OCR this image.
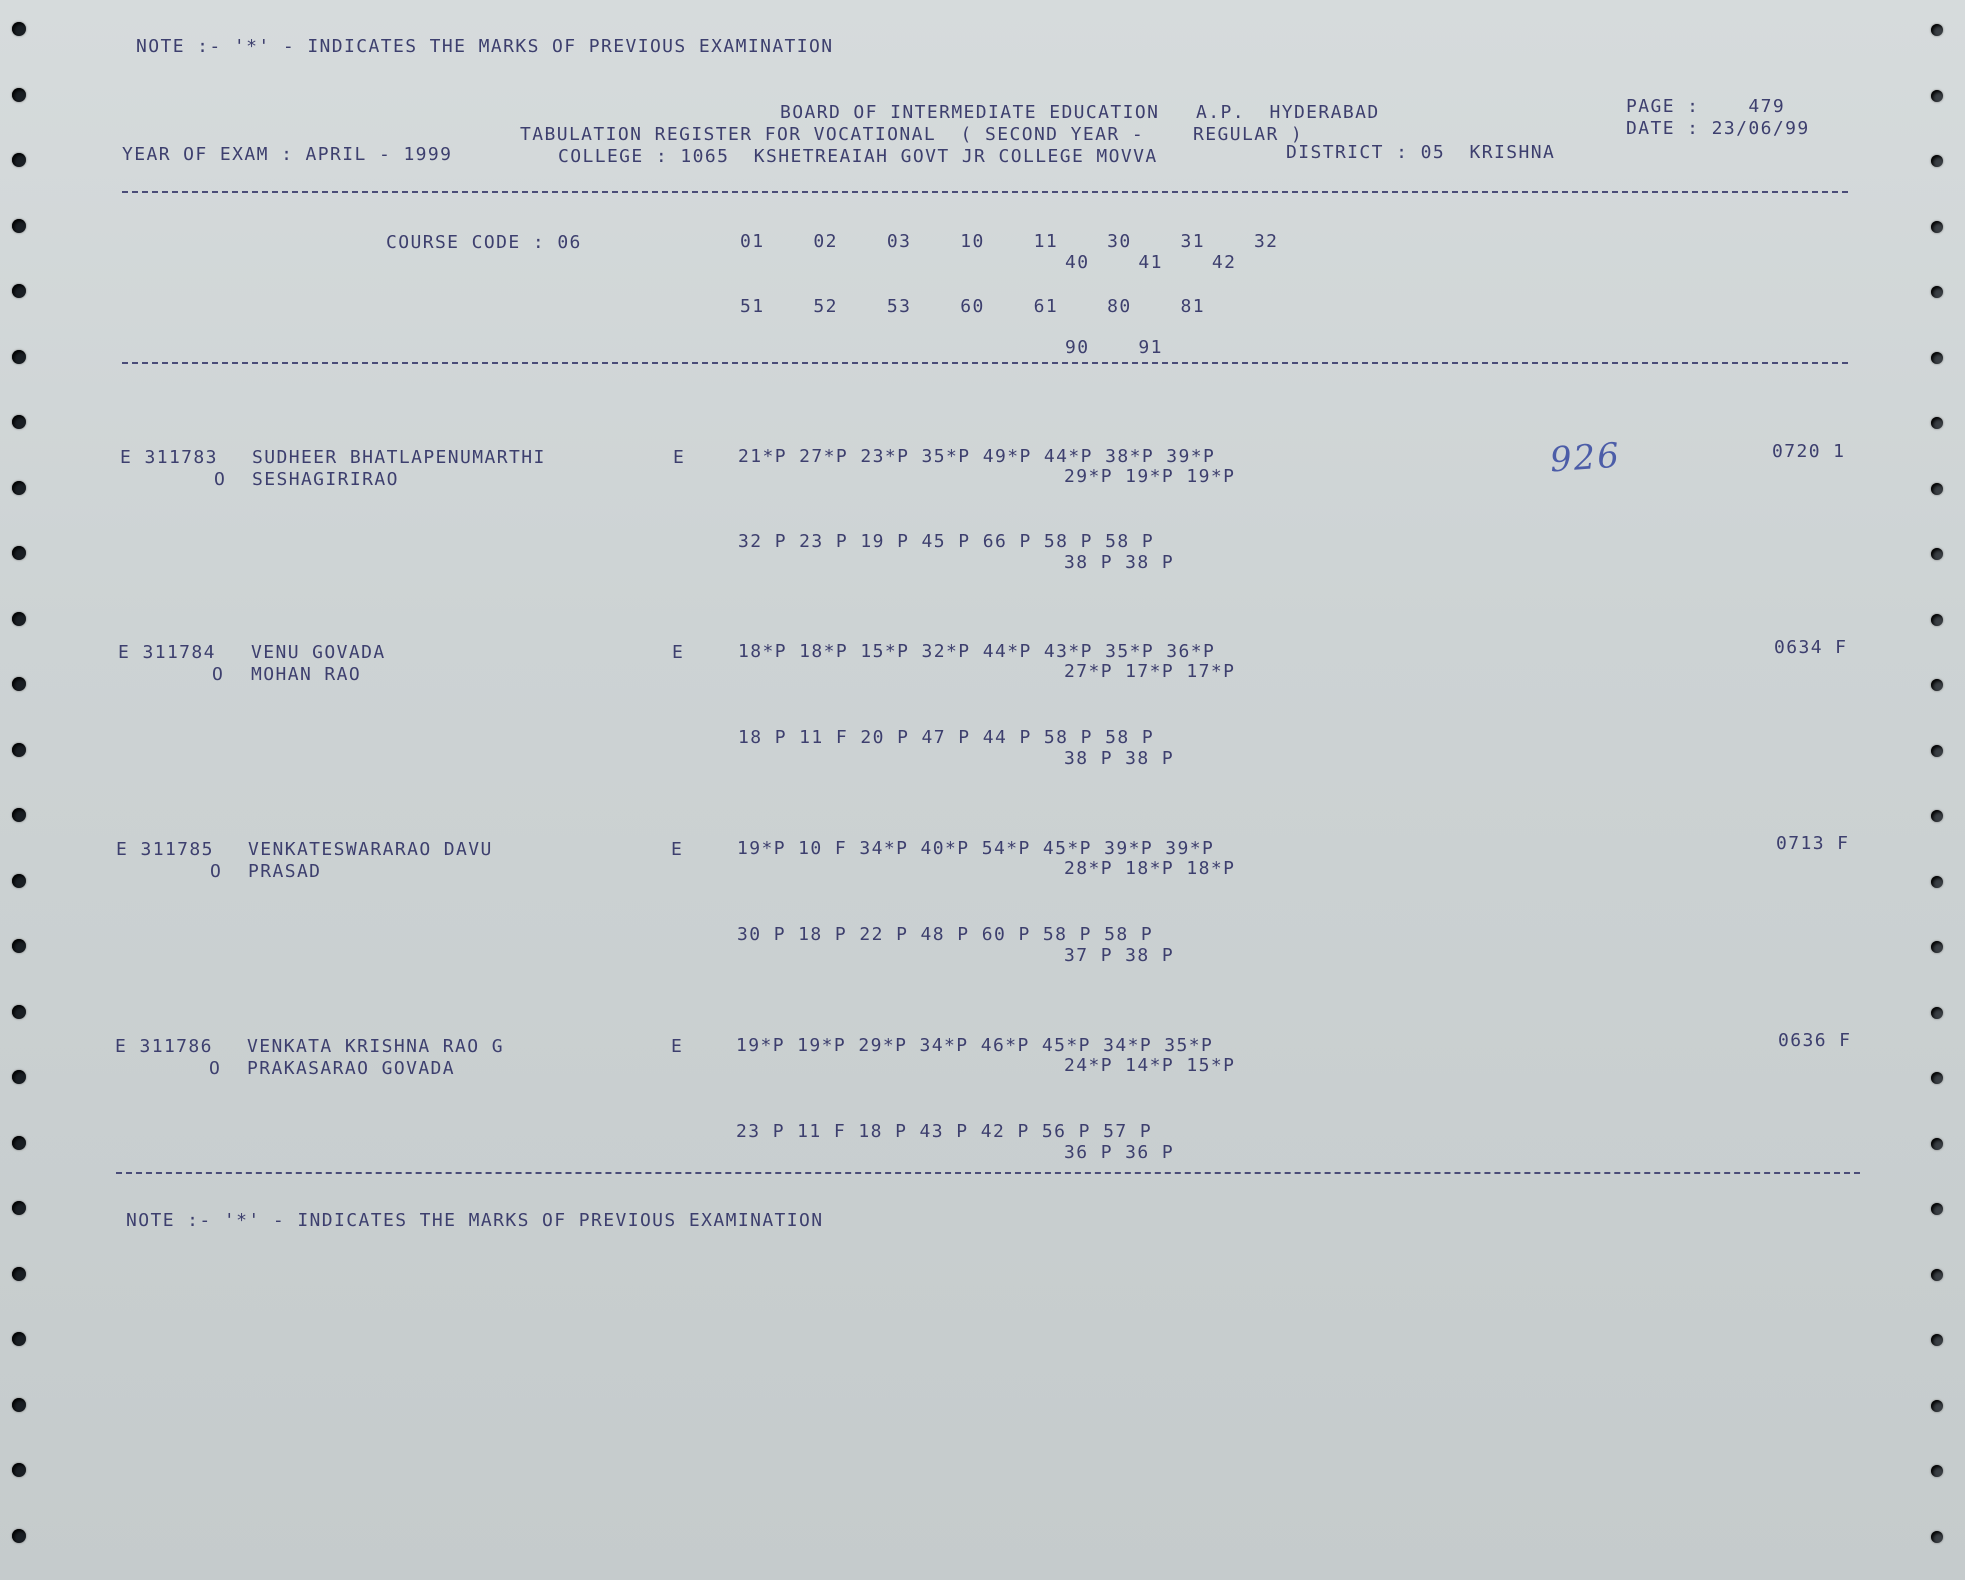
NOTE :- '*' - INDICATES THE MARKS OF PREVIOUS EXAMINATION
BOARD OF INTERMEDIATE EDUCATION   A.P.  HYDERABAD
TABULATION REGISTER FOR VOCATIONAL  ( SECOND YEAR -    REGULAR )
YEAR OF EXAM : APRIL - 1999	COLLEGE : 1065  KSHETREAIAH GOVT JR COLLEGE MOVVA	DISTRICT : 05  KRISHNA
PAGE :    479
DATE : 23/06/99
COURSE CODE : 06	01    02    03    10    11    30    31    32
40    41    42
51    52    53    60    61    80    81
90    91
E 311783 SUDHEER BHATLAPENUMARTHI
O SESHAGIRIRAO
E	21*P 27*P 23*P 35*P 49*P 44*P 38*P 39*P
29*P 19*P 19*P
32 P 23 P 19 P 45 P 66 P 58 P 58 P
38 P 38 P
0720 1
926
E 311784 VENU GOVADA
O MOHAN RAO
E	18*P 18*P 15*P 32*P 44*P 43*P 35*P 36*P
27*P 17*P 17*P
18 P 11 F 20 P 47 P 44 P 58 P 58 P
38 P 38 P
0634 F
E 311785 VENKATESWARARAO DAVU
O PRASAD
E	19*P 10 F 34*P 40*P 54*P 45*P 39*P 39*P
28*P 18*P 18*P
30 P 18 P 22 P 48 P 60 P 58 P 58 P
37 P 38 P
0713 F
E 311786 VENKATA KRISHNA RAO G
O PRAKASARAO GOVADA
E	19*P 19*P 29*P 34*P 46*P 45*P 34*P 35*P
24*P 14*P 15*P
23 P 11 F 18 P 43 P 42 P 56 P 57 P
36 P 36 P
0636 F
NOTE :- '*' - INDICATES THE MARKS OF PREVIOUS EXAMINATION
